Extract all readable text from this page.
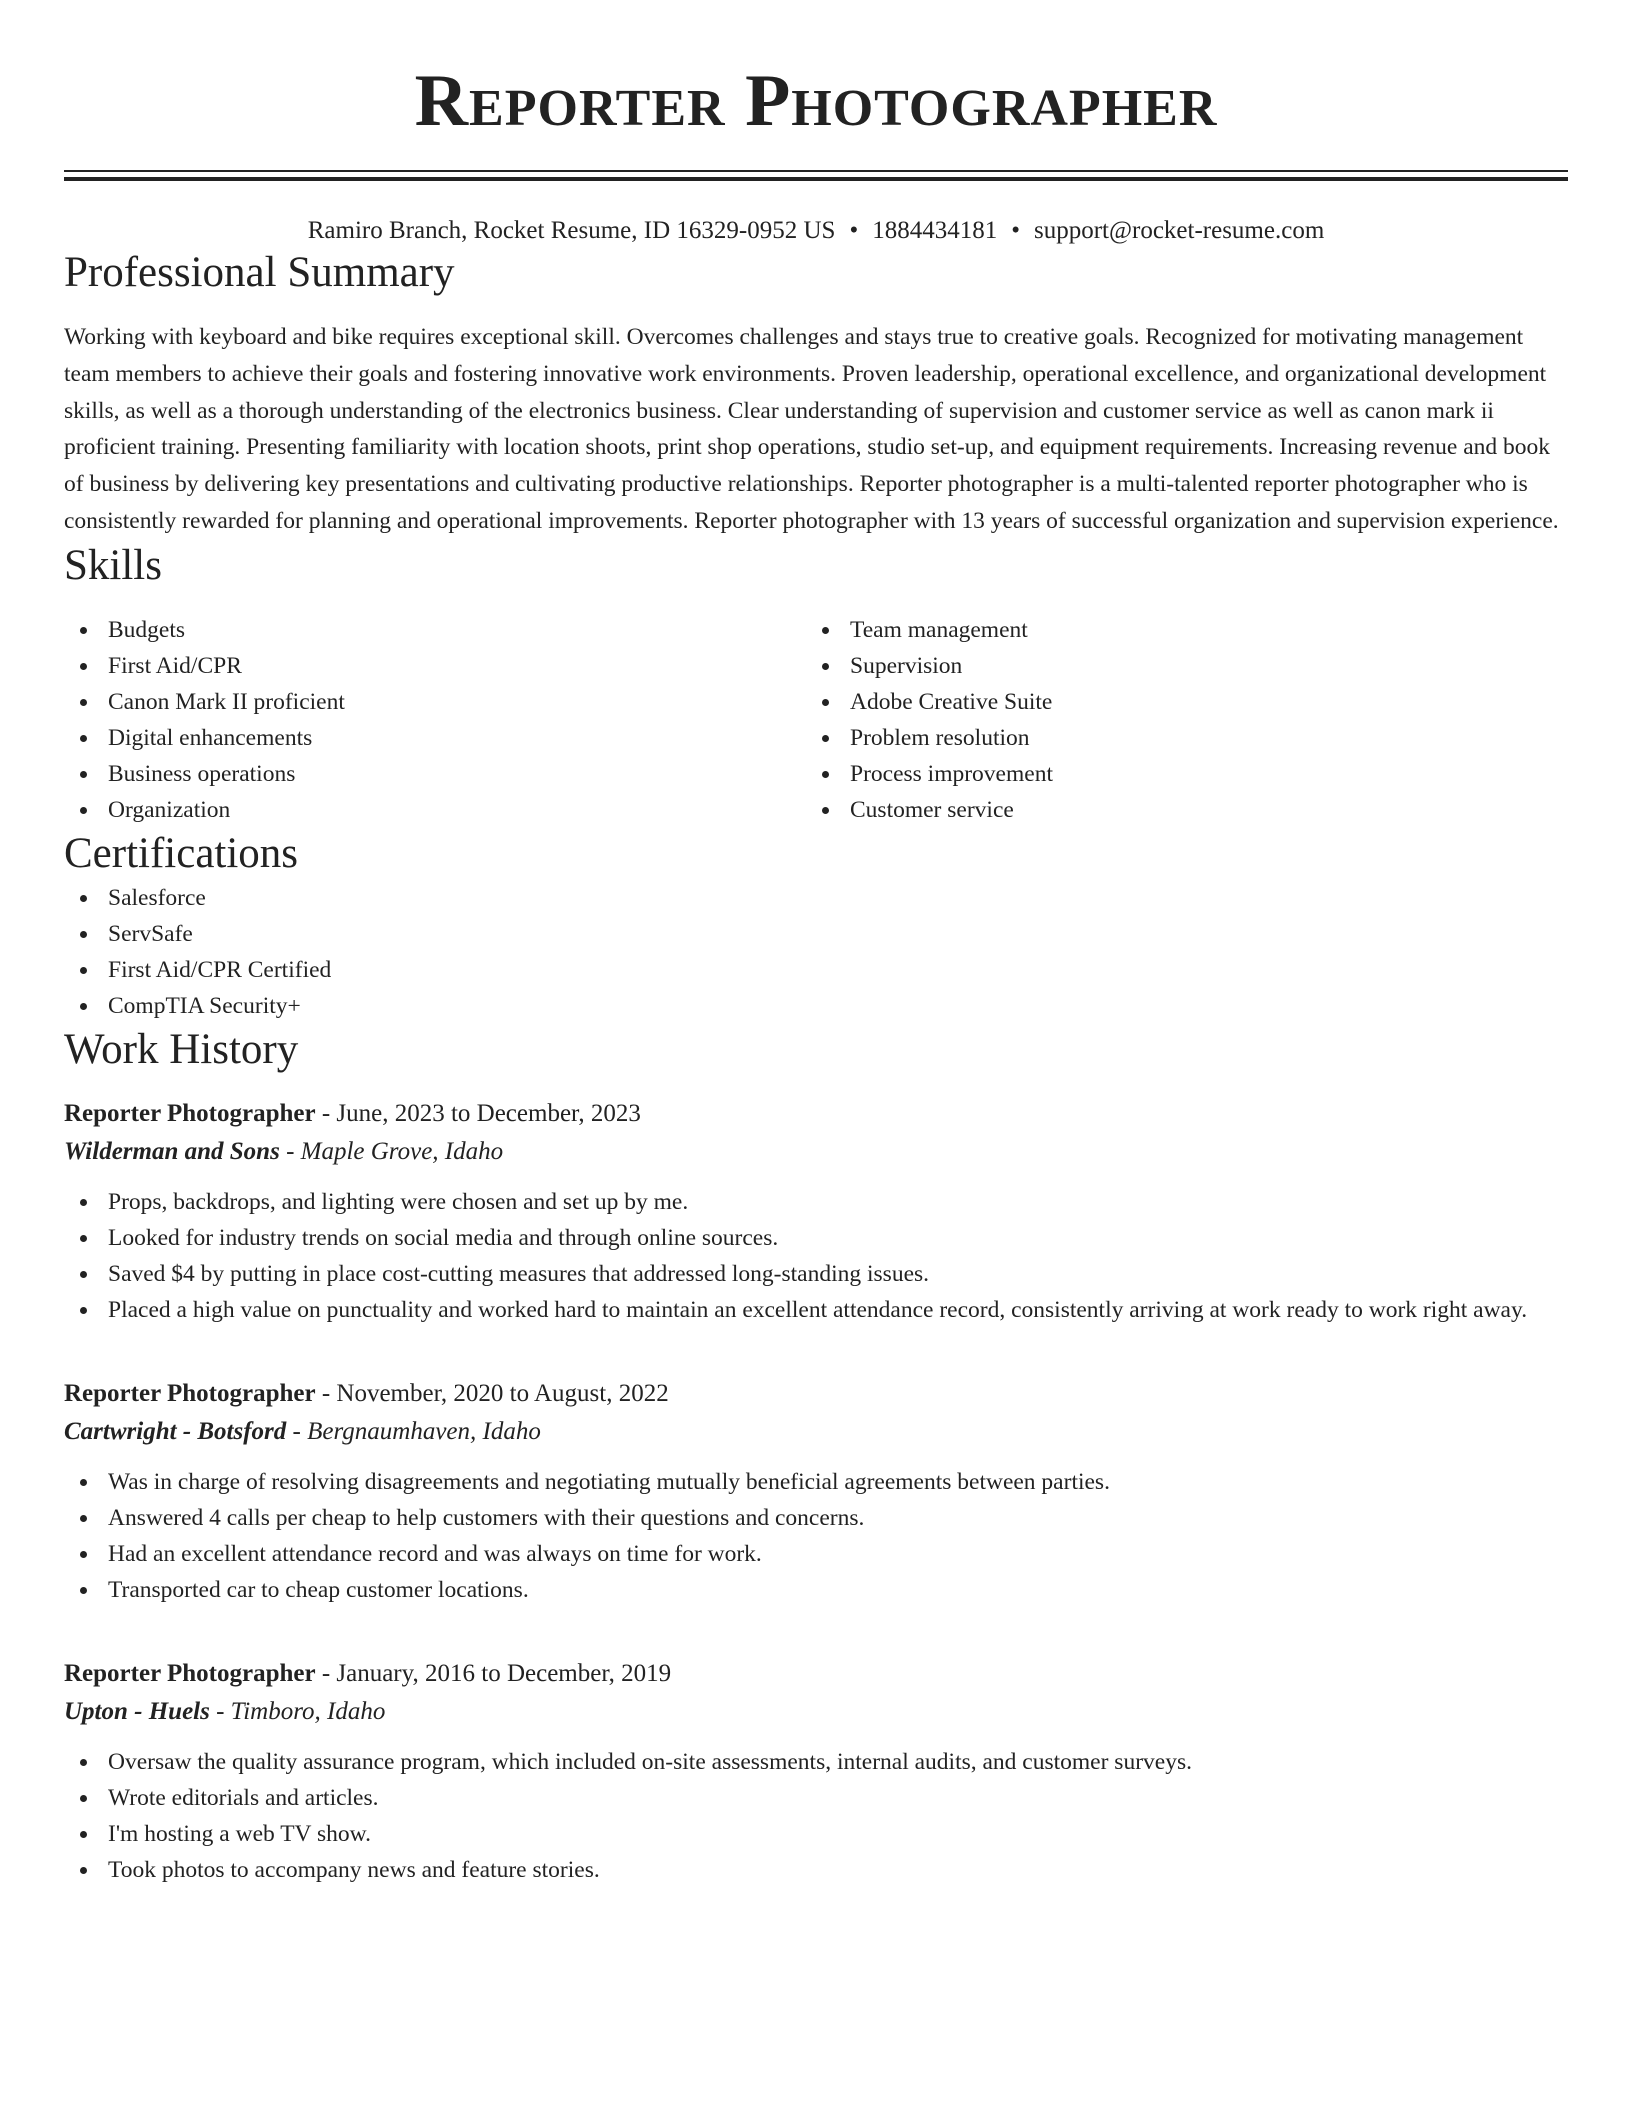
Reporter Photographer
Ramiro Branch, Rocket Resume, ID 16329-0952 US • 1884434181 • support@rocket-resume.com
Professional Summary

Working with keyboard and bike requires exceptional skill. Overcomes challenges and stays true to creative goals. Recognized for motivating management team members to achieve their goals and fostering innovative work environments. Proven leadership, operational excellence, and organizational development skills, as well as a thorough understanding of the electronics business. Clear understanding of supervision and customer service as well as canon mark ii proficient training. Presenting familiarity with location shoots, print shop operations, studio set-up, and equipment requirements. Increasing revenue and book of business by delivering key presentations and cultivating productive relationships. Reporter photographer is a multi-talented reporter photographer who is consistently rewarded for planning and operational improvements. Reporter photographer with 13 years of successful organization and supervision experience.

Skills
Budgets
First Aid/CPR
Canon Mark II proficient
Digital enhancements
Business operations
Organization
Team management
Supervision
Adobe Creative Suite
Problem resolution
Process improvement
Customer service
Certifications
Salesforce
ServSafe
First Aid/CPR Certified
CompTIA Security+
Work History
Reporter Photographer - June, 2023 to December, 2023
Wilderman and Sons - Maple Grove, Idaho
Props, backdrops, and lighting were chosen and set up by me.
Looked for industry trends on social media and through online sources.
Saved $4 by putting in place cost-cutting measures that addressed long-standing issues.
Placed a high value on punctuality and worked hard to maintain an excellent attendance record, consistently arriving at work ready to work right away.
Reporter Photographer - November, 2020 to August, 2022
Cartwright - Botsford - Bergnaumhaven, Idaho
Was in charge of resolving disagreements and negotiating mutually beneficial agreements between parties.
Answered 4 calls per cheap to help customers with their questions and concerns.
Had an excellent attendance record and was always on time for work.
Transported car to cheap customer locations.
Reporter Photographer - January, 2016 to December, 2019
Upton - Huels - Timboro, Idaho
Oversaw the quality assurance program, which included on-site assessments, internal audits, and customer surveys.
Wrote editorials and articles.
I'm hosting a web TV show.
Took photos to accompany news and feature stories.
